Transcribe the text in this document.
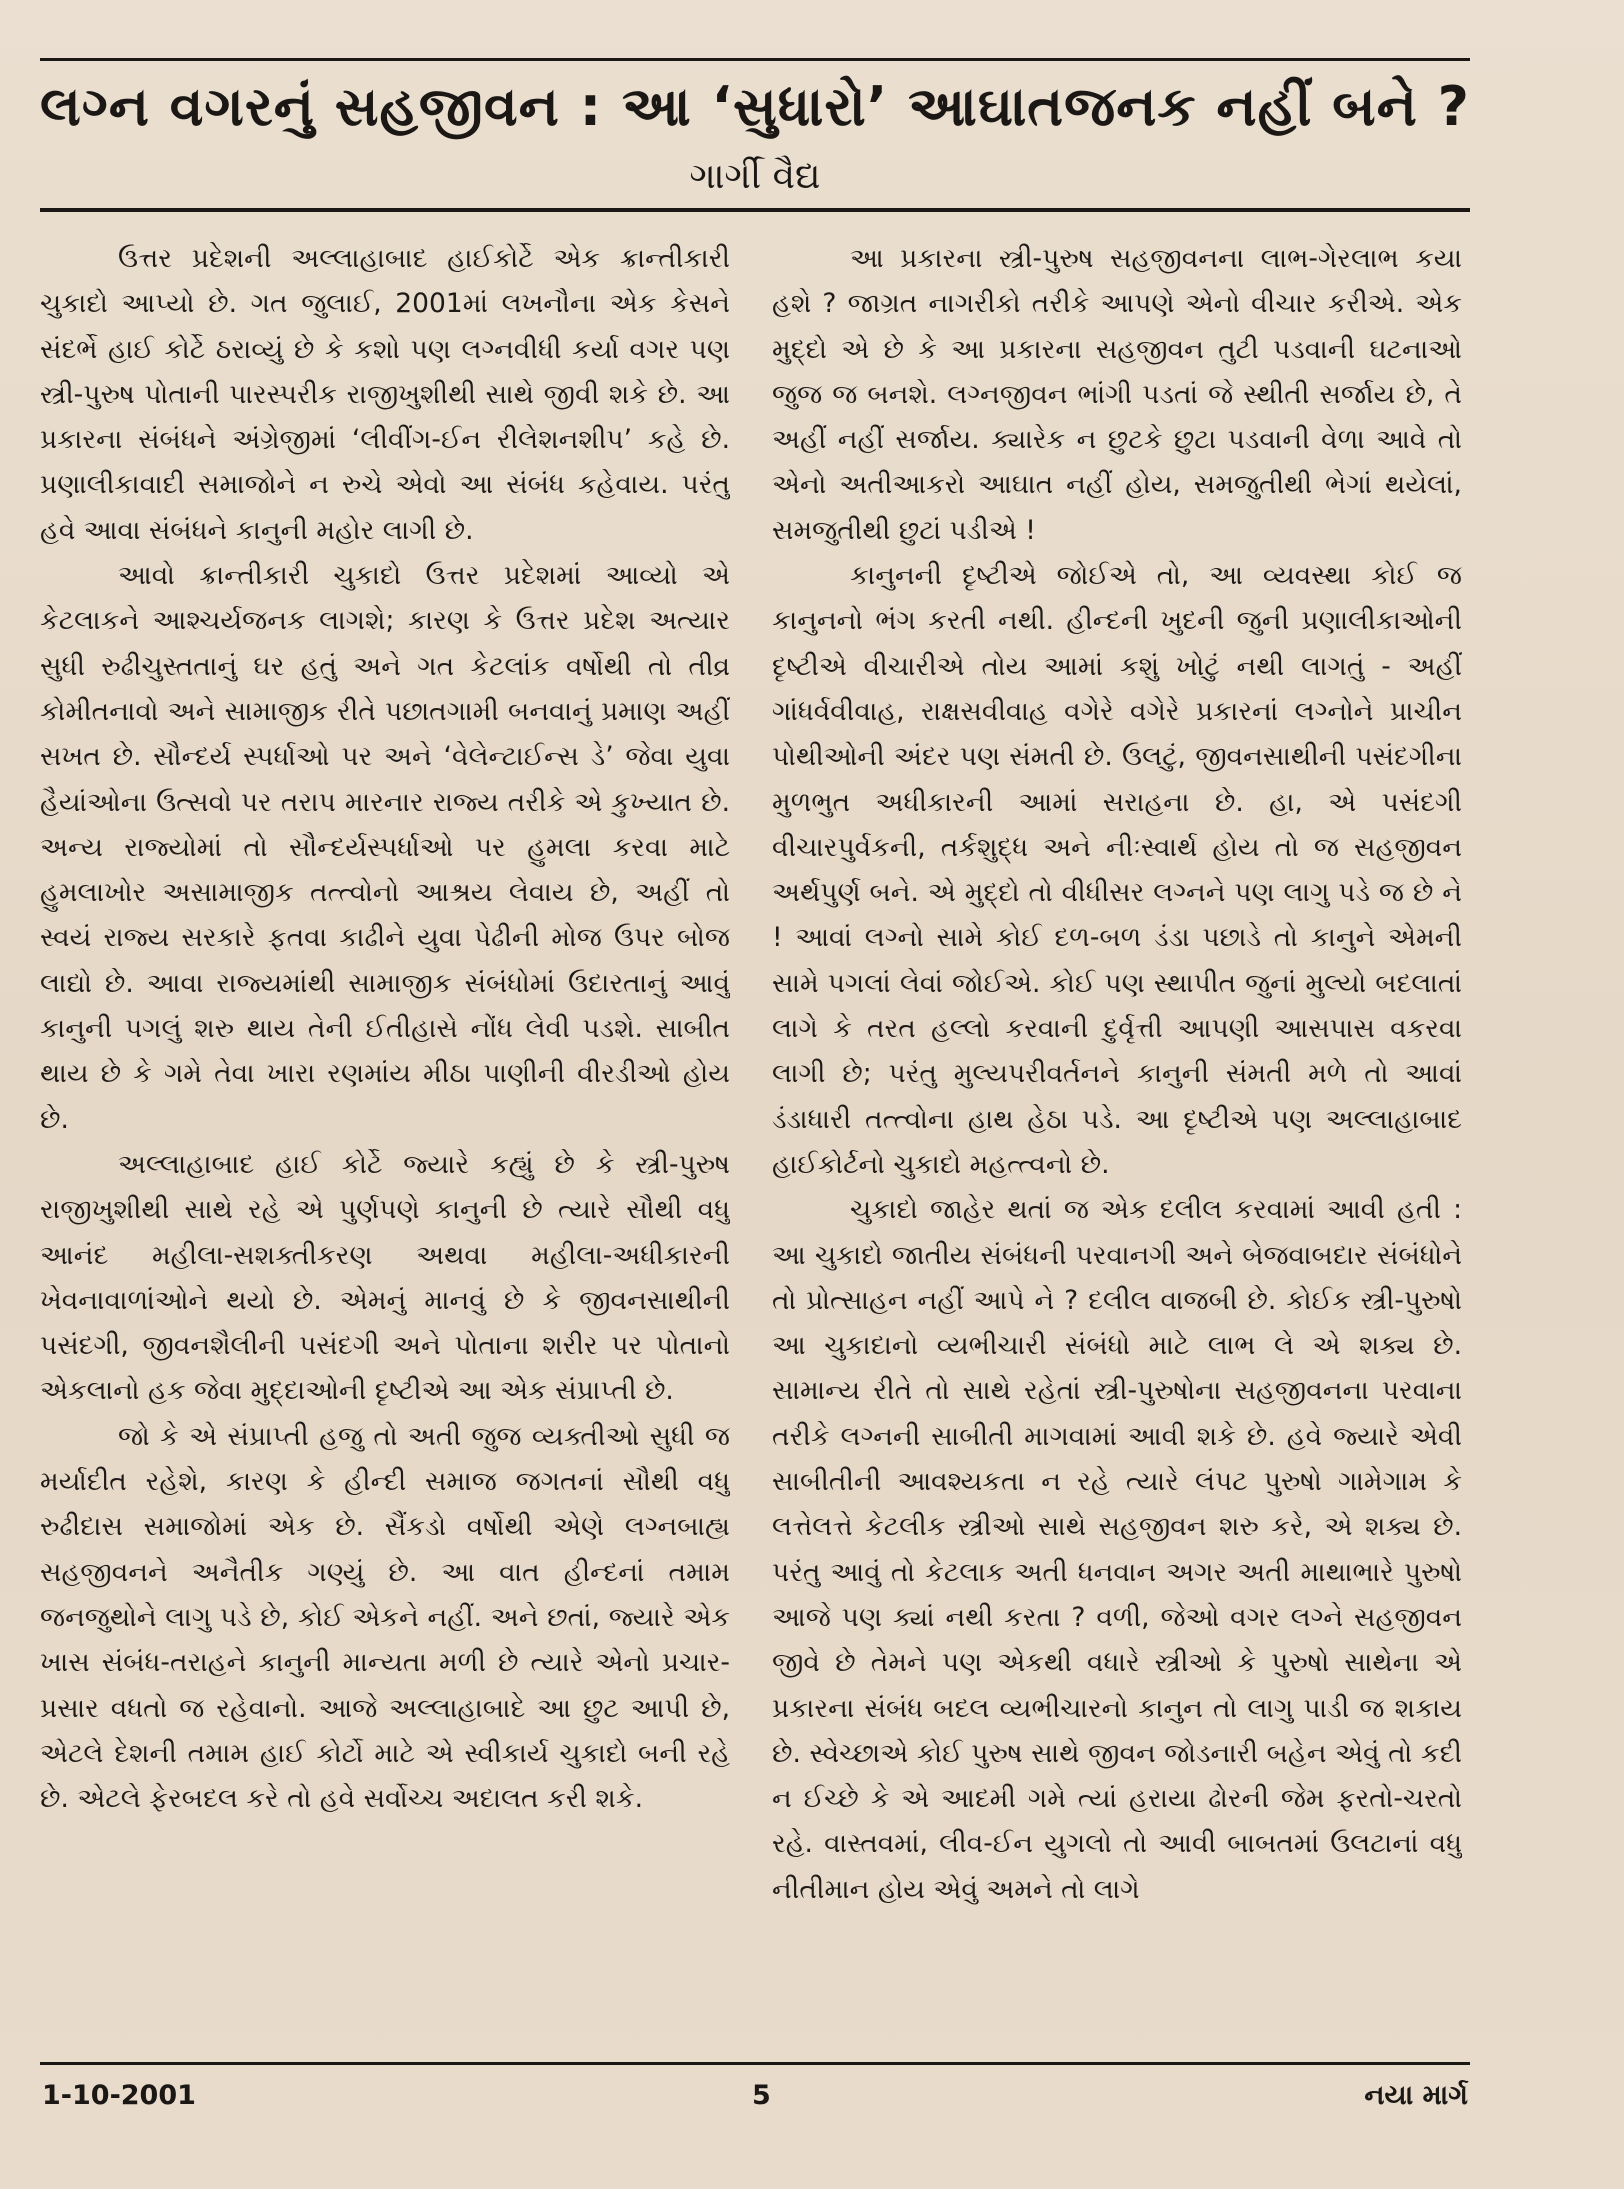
લગ્ન વગરનું સહજીવન : આ ‘સુધારો’ આઘાતજનક નહીં બને ?
ગાર્ગી વૈદ્ય

ઉત્તર પ્રદેશની અલ્લાહાબાદ હાઈકોર્ટે એક ક્રાન્તીકારી ચુકાદો આપ્યો છે. ગત જુલાઈ, 2001માં લખનૌના એક કેસને સંદર્ભે હાઈ કોર્ટે ઠરાવ્યું છે કે કશો પણ લગ્નવીધી કર્યા વગર પણ સ્ત્રી-પુરુષ પોતાની પારસ્પરીક રાજીખુશીથી સાથે જીવી શકે છે. આ પ્રકારના સંબંધને અંગ્રેજીમાં ‘લીવીંગ-ઈન રીલેશનશીપ’ કહે છે. પ્રણાલીકાવાદી સમાજોને ન રુચે એવો આ સંબંધ કહેવાય. પરંતુ હવે આવા સંબંધને કાનુની મહોર લાગી છે.

આવો ક્રાન્તીકારી ચુકાદો ઉત્તર પ્રદેશમાં આવ્યો એ કેટલાકને આશ્ચર્યજનક લાગશે; કારણ કે ઉત્તર પ્રદેશ અત્યાર સુધી રુઢીચુસ્તતાનું ઘર હતું અને ગત કેટલાંક વર્ષોથી તો તીવ્ર કોમીતનાવો અને સામાજીક રીતે પછાતગામી બનવાનું પ્રમાણ અહીં સખત છે. સૌન્દર્ય સ્પર્ધાઓ પર અને ‘વેલેન્ટાઈન્સ ડે’ જેવા યુવા હૈયાંઓના ઉત્સવો પર તરાપ મારનાર રાજ્ય તરીકે એ કુખ્યાત છે. અન્ય રાજ્યોમાં તો સૌન્દર્યસ્પર્ધાઓ પર હુમલા કરવા માટે હુમલાખોર અસામાજીક તત્ત્વોનો આશ્રય લેવાય છે, અહીં તો સ્વયં રાજ્ય સરકારે ફતવા કાઢીને યુવા પેઢીની મોજ ઉપર બોજ લાદ્યો છે. આવા રાજ્યમાંથી સામાજીક સંબંધોમાં ઉદારતાનું આવું કાનુની પગલું શરુ થાય તેની ઈતીહાસે નોંધ લેવી પડશે. સાબીત થાય છે કે ગમે તેવા ખારા રણમાંય મીઠા પાણીની વીરડીઓ હોય છે.

અલ્લાહાબાદ હાઈ કોર્ટે જ્યારે કહ્યું છે કે સ્ત્રી-પુરુષ રાજીખુશીથી સાથે રહે એ પુર્ણપણે કાનુની છે ત્યારે સૌથી વધુ આનંદ મહીલા-સશક્તીકરણ અથવા મહીલા-અધીકારની ખેવનાવાળાંઓને થયો છે. એમનું માનવું છે કે જીવનસાથીની પસંદગી, જીવનશૈલીની પસંદગી અને પોતાના શરીર પર પોતાનો એકલાનો હક જેવા મુદ્દાઓની દૃષ્ટીએ આ એક સંપ્રાપ્તી છે.

જો કે એ સંપ્રાપ્તી હજુ તો અતી જુજ વ્યક્તીઓ સુધી જ મર્યાદીત રહેશે, કારણ કે હીન્દી સમાજ જગતનાં સૌથી વધુ રુઢીદાસ સમાજોમાં એક છે. સૈંકડો વર્ષોથી એણે લગ્નબાહ્ય સહજીવનને અનૈતીક ગણ્યું છે. આ વાત હીન્દનાં તમામ જનજુથોને લાગુ પડે છે, કોઈ એકને નહીં. અને છતાં, જ્યારે એક ખાસ સંબંધ-તરાહને કાનુની માન્યતા મળી છે ત્યારે એનો પ્રચાર-પ્રસાર વધતો જ રહેવાનો. આજે અલ્લાહાબાદે આ છુટ આપી છે, એટલે દેશની તમામ હાઈ કોર્ટો માટે એ સ્વીકાર્ય ચુકાદો બની રહે છે. એટલે ફેરબદલ કરે તો હવે સર્વોચ્ચ અદાલત કરી શકે.

આ પ્રકારના સ્ત્રી-પુરુષ સહજીવનના લાભ-ગેરલાભ કયા હશે ? જાગ્રત નાગરીકો તરીકે આપણે એનો વીચાર કરીએ. એક મુદ્દો એ છે કે આ પ્રકારના સહજીવન તુટી પડવાની ઘટનાઓ જુજ જ બનશે. લગ્નજીવન ભાંગી પડતાં જે સ્થીતી સર્જાય છે, તે અહીં નહીં સર્જાય. ક્યારેક ન છુટકે છુટા પડવાની વેળા આવે તો એનો અતીઆકરો આઘાત નહીં હોય, સમજુતીથી ભેગાં થયેલાં, સમજુતીથી છુટાં પડીએ !

કાનુનની દૃષ્ટીએ જોઈએ તો, આ વ્યવસ્થા કોઈ જ કાનુનનો ભંગ કરતી નથી. હીન્દની ખુદની જુની પ્રણાલીકાઓની દૃષ્ટીએ વીચારીએ તોય આમાં કશું ખોટું નથી લાગતું - અહીં ગાંધર્વવીવાહ, રાક્ષસવીવાહ વગેરે વગેરે પ્રકારનાં લગ્નોને પ્રાચીન પોથીઓની અંદર પણ સંમતી છે. ઉલટું, જીવનસાથીની પસંદગીના મુળભુત અધીકારની આમાં સરાહના છે. હા, એ પસંદગી વીચારપુર્વકની, તર્કશુદ્ધ અને નીઃસ્વાર્થ હોય તો જ સહજીવન અર્થપુર્ણ બને. એ મુદ્દો તો વીધીસર લગ્નને પણ લાગુ પડે જ છે ને ! આવાં લગ્નો સામે કોઈ દળ-બળ ડંડા પછાડે તો કાનુને એમની સામે પગલાં લેવાં જોઈએ. કોઈ પણ સ્થાપીત જુનાં મુલ્યો બદલાતાં લાગે કે તરત હલ્લો કરવાની દુર્વૃત્તી આપણી આસપાસ વકરવા લાગી છે; પરંતુ મુલ્યપરીવર્તનને કાનુની સંમતી મળે તો આવાં ડંડાધારી તત્ત્વોના હાથ હેઠા પડે. આ દૃષ્ટીએ પણ અલ્લાહાબાદ હાઈકોર્ટનો ચુકાદો મહત્ત્વનો છે.

ચુકાદો જાહેર થતાં જ એક દલીલ કરવામાં આવી હતી : આ ચુકાદો જાતીય સંબંધની પરવાનગી અને બેજવાબદાર સંબંધોને તો પ્રોત્સાહન નહીં આપે ને ? દલીલ વાજબી છે. કોઈક સ્ત્રી-પુરુષો આ ચુકાદાનો વ્યભીચારી સંબંધો માટે લાભ લે એ શક્ય છે. સામાન્ય રીતે તો સાથે રહેતાં સ્ત્રી-પુરુષોના સહજીવનના પરવાના તરીકે લગ્નની સાબીતી માગવામાં આવી શકે છે. હવે જ્યારે એવી સાબીતીની આવશ્યકતા ન રહે ત્યારે લંપટ પુરુષો ગામેગામ કે લત્તેલત્તે કેટલીક સ્ત્રીઓ સાથે સહજીવન શરુ કરે, એ શક્ય છે. પરંતુ આવું તો કેટલાક અતી ધનવાન અગર અતી માથાભારે પુરુષો આજે પણ ક્યાં નથી કરતા ? વળી, જેઓ વગર લગ્ને સહજીવન જીવે છે તેમને પણ એકથી વધારે સ્ત્રીઓ કે પુરુષો સાથેના એ પ્રકારના સંબંધ બદલ વ્યભીચારનો કાનુન તો લાગુ પાડી જ શકાય છે. સ્વેચ્છાએ કોઈ પુરુષ સાથે જીવન જોડનારી બહેન એવું તો કદી ન ઈચ્છે કે એ આદમી ગમે ત્યાં હરાયા ઢોરની જેમ ફરતો-ચરતો રહે. વાસ્તવમાં, લીવ-ઈન યુગલો તો આવી બાબતમાં ઉલટાનાં વધુ નીતીમાન હોય એવું અમને તો લાગે

1-10-2001	5	નયા માર્ગ
